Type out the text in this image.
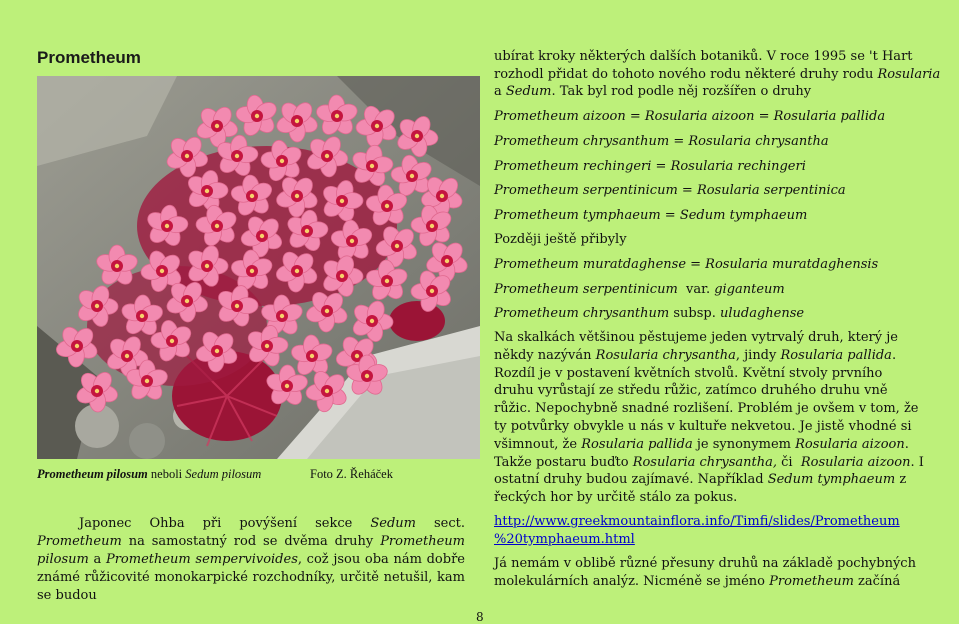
Prometheum
Prometheum pilosum neboli Sedum pilosum	Foto Z. Řeháček

Japonec Ohba při povýšení sekce Sedum sect. Prometheum na samostatný rod se dvěma druhy Prometheum pilosum a Prometheum sempervivoides, což jsou oba nám dobře známé růžicovité monokarpické rozchodníky, určitě netušil, kam se budou

ubírat kroky některých dalších botaniků. V roce 1995 se 't Hart
rozhodl přidat do tohoto nového rodu některé druhy rodu Rosularia
a Sedum. Tak byl rod podle něj rozšířen o druhy
Prometheum aizoon = Rosularia aizoon = Rosularia pallida
Prometheum chrysanthum = Rosularia chrysantha
Prometheum rechingeri = Rosularia rechingeri
Prometheum serpentinicum = Rosularia serpentinica
Prometheum tymphaeum = Sedum tymphaeum
Později ještě přibyly
Prometheum muratdaghense = Rosularia muratdaghensis
Prometheum serpentinicum  var. giganteum
Prometheum chrysanthum subsp. uludaghense

Na skalkách většinou pěstujeme jeden vytrvalý druh, který je někdy nazýván Rosularia chrysantha, jindy Rosularia pallida. Rozdíl je v postavení květních stvolů. Květní stvoly prvního druhu vyrůstají ze středu růžic, zatímco druhého druhu vně růžic. Nepochybně snadné rozlišení. Problém je ovšem v tom, že ty potvůrky obvykle u nás v kultuře nekvetou. Je jistě vhodné si všimnout, že Rosularia pallida je synonymem Rosularia aizoon. Takže postaru buďto Rosularia chrysantha, či  Rosularia aizoon. I ostatní druhy budou zajímavé. Například Sedum tymphaeum z řeckých hor by určitě stálo za pokus.

http://www.greekmountainflora.info/Timfi/slides/Prometheum
%20tymphaeum.html

Já nemám v oblibě různé přesuny druhů na základě pochybných molekulárních analýz. Nicméně se jméno Prometheum začíná

8
